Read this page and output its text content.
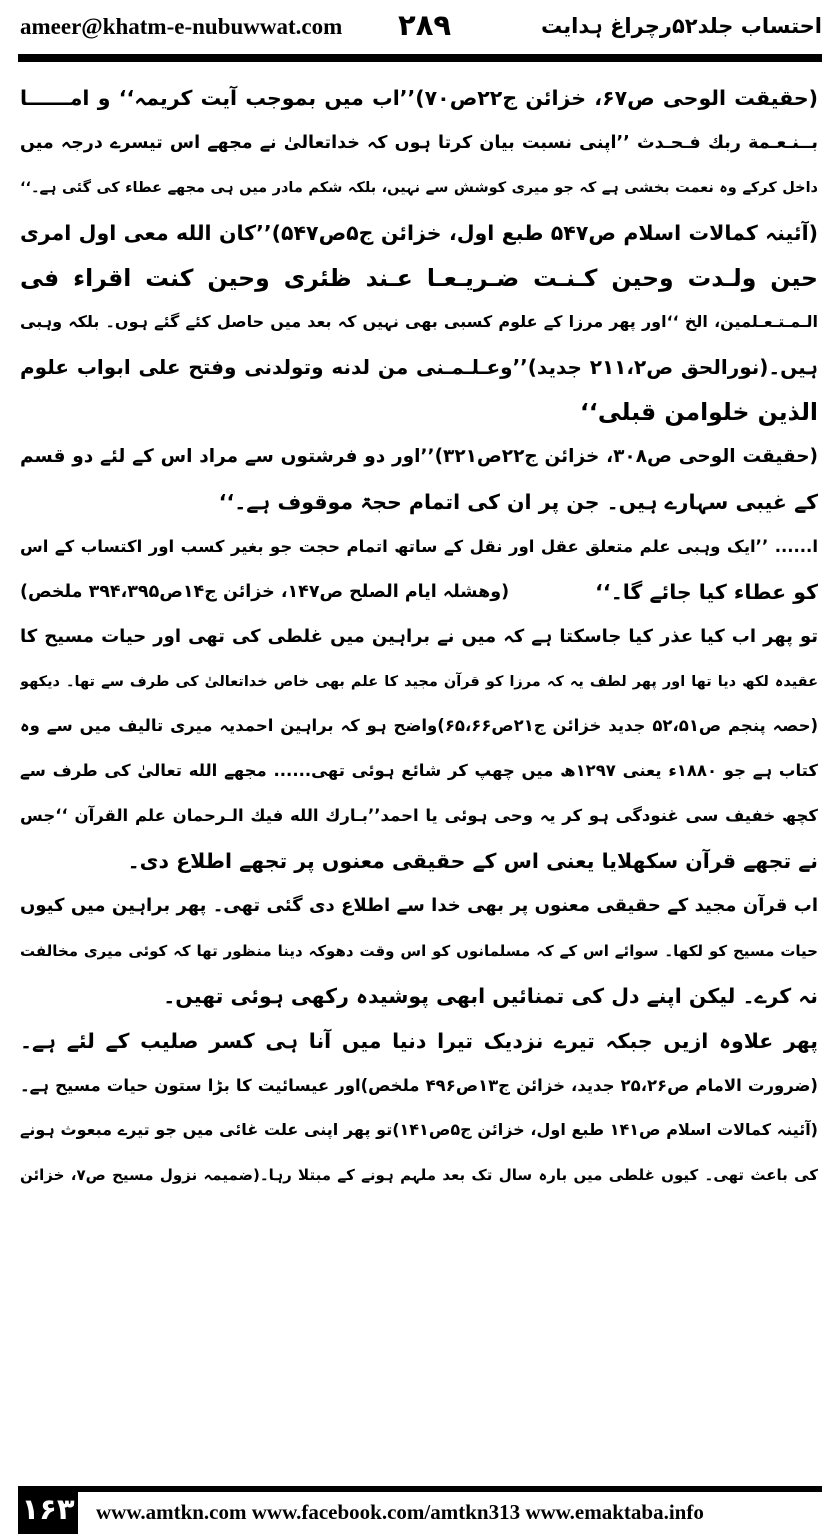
ameer@khatm-e-nubuwwat.com ۲۸۹	احتساب جلد۵۲رچراغ ہدایت
(حقیقت الوحی ص۶۷، خزائن ج۲۲ص۷۰)’’اب میں بموجب آیت کریمہ‘‘ و امــــــا
بــنـعـمة ربك فـحـدث ’’اپنی نسبت بیان کرتا ہوں کہ خداتعالیٰ نے مجھے اس تیسرے درجہ میں
داخل کرکے وہ نعمت بخشی ہے کہ جو میری کوشش سے نہیں، بلکہ شکم مادر میں ہی مجھے عطاء کی گئی ہے۔‘‘
(آئینہ کمالات اسلام ص۵۴۷ طبع اول، خزائن ج۵ص۵۴۷)’’کان الله معی اول امری
حین ولـدت وحین کـنـت ضـریـعـا عـند ظئری وحین کنت اقراء فی
الـمـتـعـلمین، الخ ‘‘اور پھر مرزا کے علوم کسبی بھی نہیں کہ بعد میں حاصل کئے گئے ہوں۔ بلکہ وہبی
ہیں۔(نورالحق ص۲۱۱،۲ جدید)’’وعـلـمـنی من لدنه وتولدنی وفتح علی ابواب علوم
الذین خلوامن قبلی‘‘
(حقیقت الوحی ص۳۰۸، خزائن ج۲۲ص۳۲۱)’’اور دو فرشتوں سے مراد اس کے لئے دو قسم
کے غیبی سہارے ہیں۔ جن پر ان کی اتمام حجۃ موقوف ہے۔‘‘
ا...... ’’ایک وہبی علم متعلق عقل اور نقل کے ساتھ اتمام حجت جو بغیر کسب اور اکتساب کے اس
کو عطاء کیا جائے گا۔‘‘
(وھشلہ ایام الصلح ص۱۴۷، خزائن ج۱۴ص۳۹۴،۳۹۵ ملخص)
تو پھر اب کیا عذر کیا جاسکتا ہے کہ میں نے براہین میں غلطی کی تھی اور حیات مسیح کا
عقیدہ لکھ دیا تھا اور پھر لطف یہ کہ مرزا کو قرآن مجید کا علم بھی خاص خداتعالیٰ کی طرف سے تھا۔ دیکھو
(حصہ پنجم ص۵۲،۵۱ جدید خزائن ج۲۱ص۶۵،۶۶)واضح ہو کہ براہین احمدیہ میری تالیف میں سے وہ
کتاب ہے جو ۱۸۸۰ء یعنی ۱۲۹۷ھ میں چھپ کر شائع ہوئی تھی...... مجھے الله تعالیٰ کی طرف سے
کچھ خفیف سی غنودگی ہو کر یہ وحی ہوئی یا احمد’’بـارك الله فیك الـرحمان علم القرآن ‘‘جس
نے تجھے قرآن سکھلایا یعنی اس کے حقیقی معنوں پر تجھے اطلاع دی۔
اب قرآن مجید کے حقیقی معنوں پر بھی خدا سے اطلاع دی گئی تھی۔ پھر براہین میں کیوں
حیات مسیح کو لکھا۔ سوائے اس کے کہ مسلمانوں کو اس وقت دھوکہ دینا منظور تھا کہ کوئی میری مخالفت
نہ کرے۔ لیکن اپنے دل کی تمنائیں ابھی پوشیدہ رکھی ہوئی تھیں۔
پھر علاوہ ازیں جبکہ تیرے نزدیک تیرا دنیا میں آنا ہی کسر صلیب کے لئے ہے۔
(ضرورت الامام ص۲۵،۲۶ جدید، خزائن ج۱۳ص۴۹۶ ملخص)اور عیسائیت کا بڑا ستون حیات مسیح ہے۔
(آئینہ کمالات اسلام ص۱۴۱ طبع اول، خزائن ج۵ص۱۴۱)تو پھر اپنی علت غائی میں جو تیرے مبعوث ہونے
کی باعث تھی۔ کیوں غلطی میں بارہ سال تک بعد ملہم ہونے کے مبتلا رہا۔(ضمیمہ نزول مسیح ص۷، خزائن
۱۶۳ www.amtkn.com www.facebook.com/amtkn313 www.emaktaba.info
